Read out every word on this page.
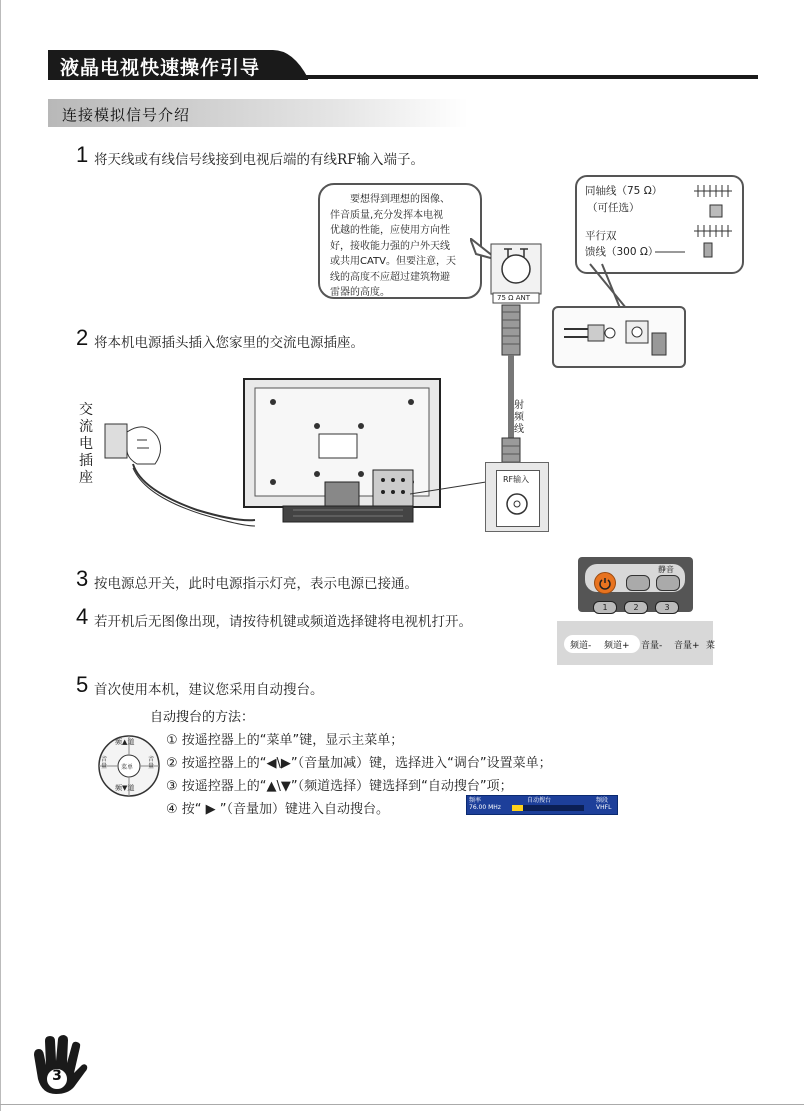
液晶电视快速操作引导
连接模拟信号介绍
1 将天线或有线信号线接到电视后端的有线RF输入端子。
要想得到理想的图像、
伴音质量,充分发挥本电视
优越的性能，应使用方向性
好，接收能力强的户外天线
或共用CATV。但要注意，天
线的高度不应超过建筑物避
雷器的高度。	75 Ω ANT
射
频
线
同轴线（75 Ω）
（可任选）
平行双
馈线（300 Ω）
2 将本机电源插头插入您家里的交流电源插座。
交
流
电
插
座	RF输入
3 按电源总开关，此时电源指示灯亮，表示电源已接通。
静音
1	2	3
4 若开机后无图像出现，请按待机键或频道选择键将电视机打开。
频道- 频道+ 音量- 音量+ 菜
5 首次使用本机，建议您采用自动搜台。
自动搜台的方法：
频▲道
频▼道
音量
音量
菜单
① 按遥控器上的“菜单”键，显示主菜单；
② 按遥控器上的“◀\▶”（音量加减）键，选择进入“调台”设置菜单；
③ 按遥控器上的“▲\▼”（频道选择）键选择到“自动搜台”项；
④ 按“ ▶ ”（音量加）键进入自动搜台。
频率	自动搜台	频段
76.00 MHz	VHFL
3
